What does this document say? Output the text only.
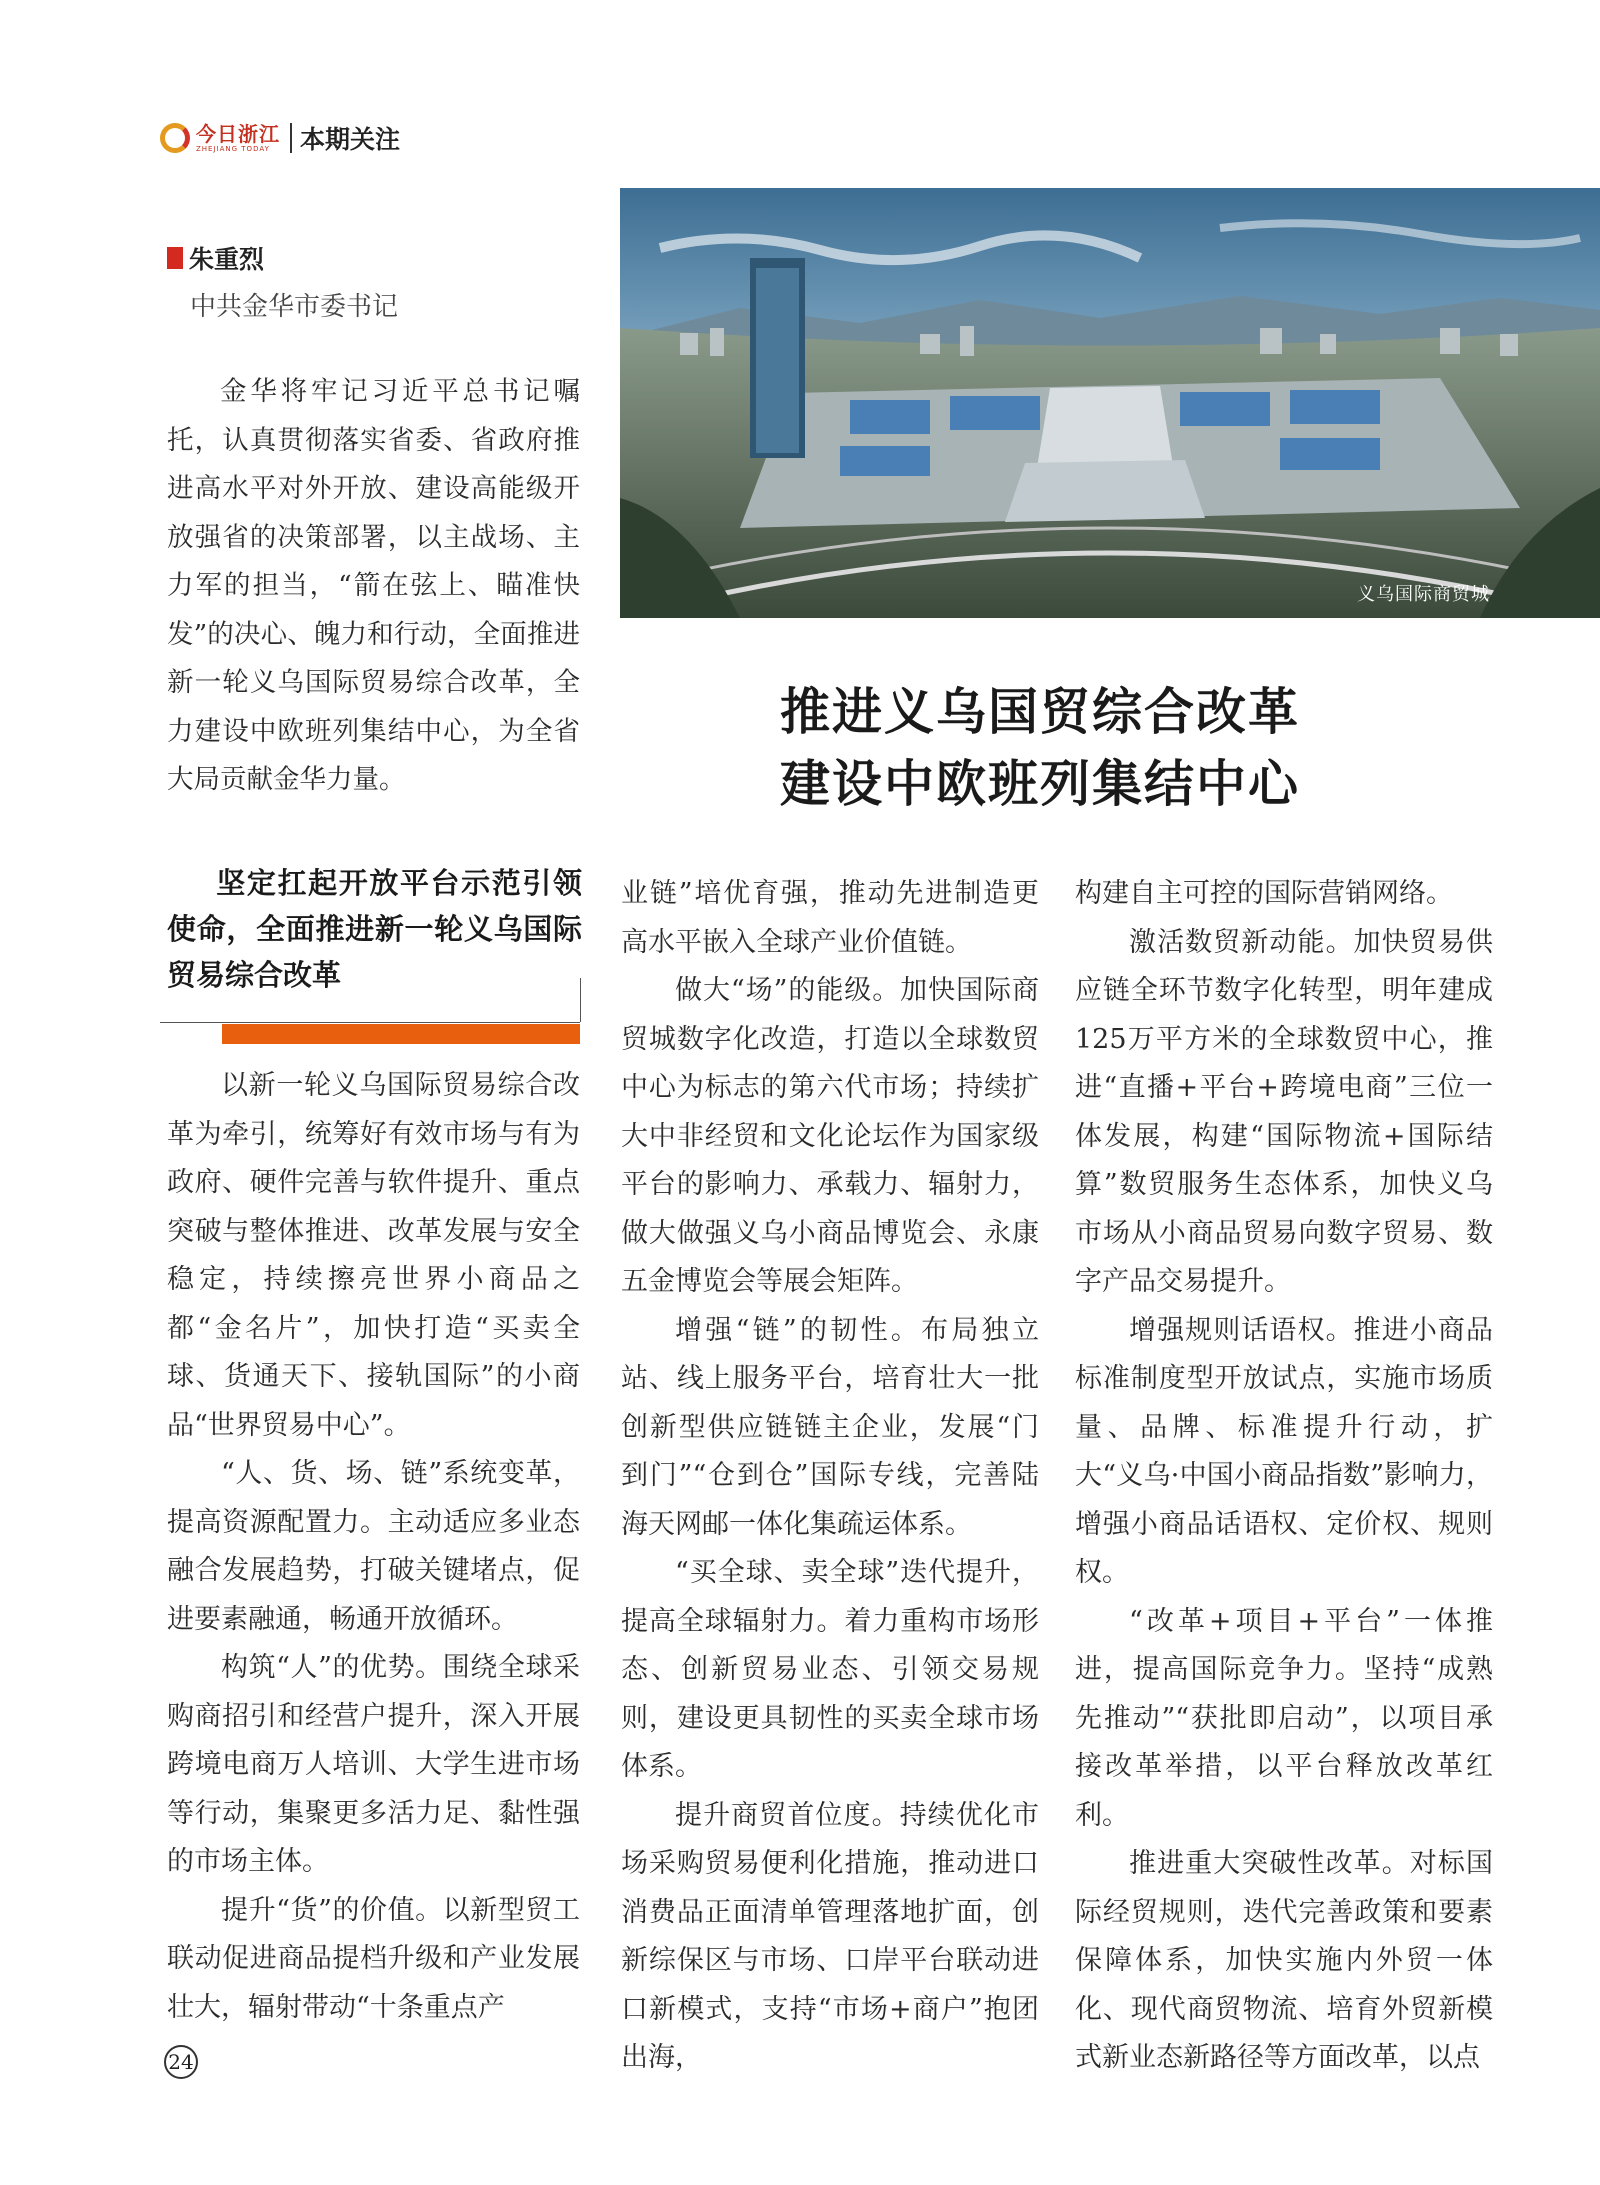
今日浙江
ZHEJIANG TODAY	本期关注
义乌国际商贸城
朱重烈
中共金华市委书记

金华将牢记习近平总书记嘱托，认真贯彻落实省委、省政府推进高水平对外开放、建设高能级开放强省的决策部署，以主战场、主力军的担当，“箭在弦上、瞄准快发”的决心、魄力和行动，全面推进新一轮义乌国际贸易综合改革，全力建设中欧班列集结中心，为全省大局贡献金华力量。

推进义乌国贸综合改革
建设中欧班列集结中心

坚定扛起开放平台示范引领使命，全面推进新一轮义乌国际贸易综合改革

以新一轮义乌国际贸易综合改革为牵引，统筹好有效市场与有为政府、硬件完善与软件提升、重点突破与整体推进、改革发展与安全稳定，持续擦亮世界小商品之都“金名片”，加快打造“买卖全球、货通天下、接轨国际”的小商品“世界贸易中心”。

“人、货、场、链”系统变革，提高资源配置力。主动适应多业态融合发展趋势，打破关键堵点，促进要素融通，畅通开放循环。

构筑“人”的优势。围绕全球采购商招引和经营户提升，深入开展跨境电商万人培训、大学生进市场等行动，集聚更多活力足、黏性强的市场主体。

提升“货”的价值。以新型贸工联动促进商品提档升级和产业发展壮大，辐射带动“十条重点产

业链”培优育强，推动先进制造更高水平嵌入全球产业价值链。

做大“场”的能级。加快国际商贸城数字化改造，打造以全球数贸中心为标志的第六代市场；持续扩大中非经贸和文化论坛作为国家级平台的影响力、承载力、辐射力，做大做强义乌小商品博览会、永康五金博览会等展会矩阵。

增强“链”的韧性。布局独立站、线上服务平台，培育壮大一批创新型供应链链主企业，发展“门到门”“仓到仓”国际专线，完善陆海天网邮一体化集疏运体系。

“买全球、卖全球”迭代提升，提高全球辐射力。着力重构市场形态、创新贸易业态、引领交易规则，建设更具韧性的买卖全球市场体系。

提升商贸首位度。持续优化市场采购贸易便利化措施，推动进口消费品正面清单管理落地扩面，创新综保区与市场、口岸平台联动进口新模式，支持“市场+商户”抱团出海，

构建自主可控的国际营销网络。

激活数贸新动能。加快贸易供应链全环节数字化转型，明年建成125万平方米的全球数贸中心，推进“直播+平台+跨境电商”三位一体发展，构建“国际物流+国际结算”数贸服务生态体系，加快义乌市场从小商品贸易向数字贸易、数字产品交易提升。

增强规则话语权。推进小商品标准制度型开放试点，实施市场质量、品牌、标准提升行动，扩大“义乌·中国小商品指数”影响力，增强小商品话语权、定价权、规则权。

“改革+项目+平台”一体推进，提高国际竞争力。坚持“成熟先推动”“获批即启动”，以项目承接改革举措，以平台释放改革红利。

推进重大突破性改革。对标国际经贸规则，迭代完善政策和要素保障体系，加快实施内外贸一体化、现代商贸物流、培育外贸新模式新业态新路径等方面改革，以点

24
